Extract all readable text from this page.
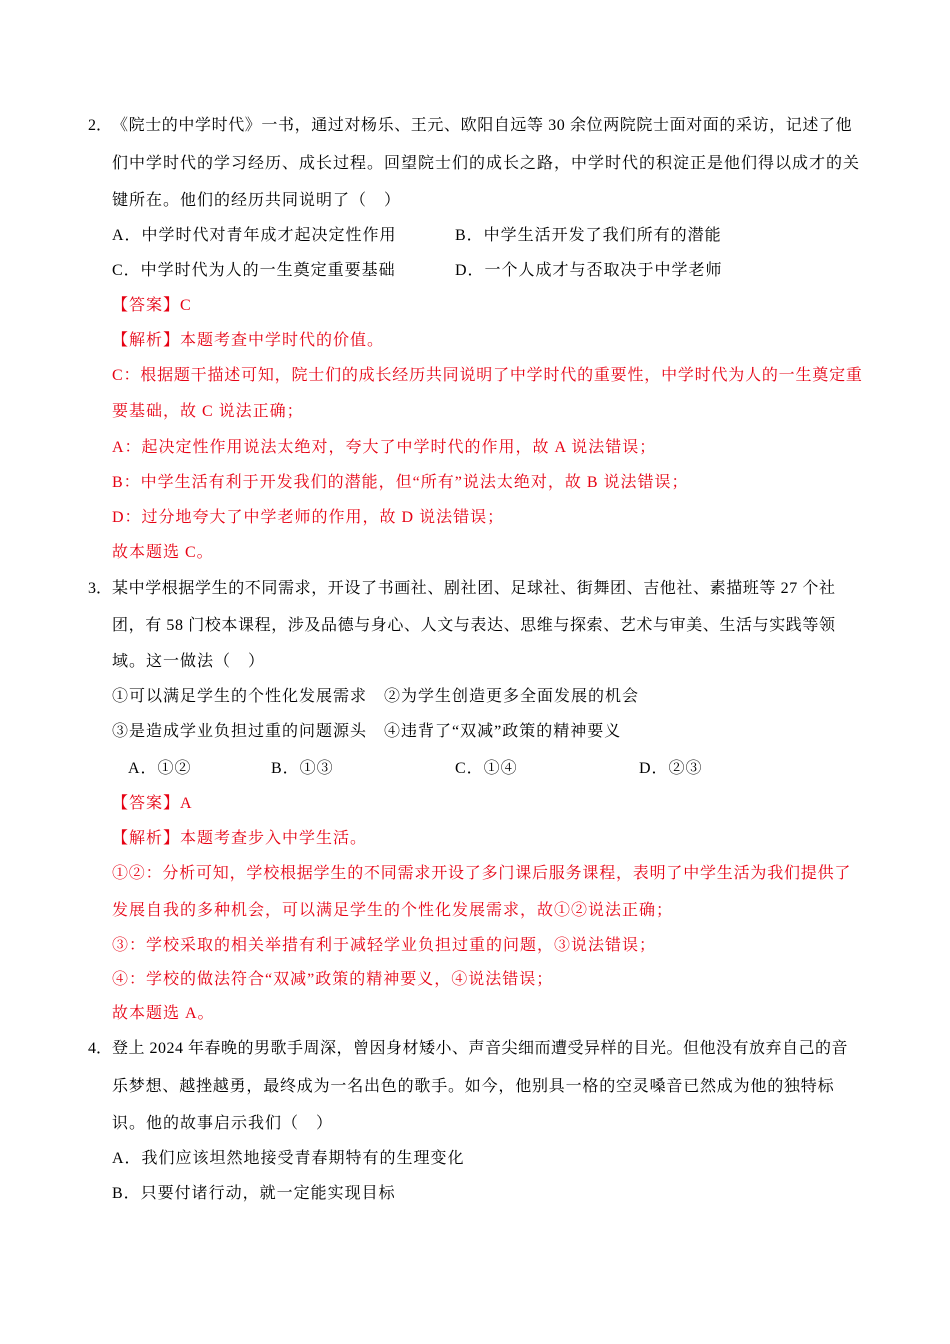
2． 《院士的中学时代》一书，通过对杨乐、王元、欧阳自远等 30 余位两院院士面对面的采访，记述了他
们中学时代的学习经历、成长过程。回望院士们的成长之路，中学时代的积淀正是他们得以成才的关
键所在。他们的经历共同说明了（　）
A．中学时代对青年成才起决定性作用	B．中学生活开发了我们所有的潜能
C．中学时代为人的一生奠定重要基础	D．一个人成才与否取决于中学老师
【答案】C
【解析】本题考查中学时代的价值。
C：根据题干描述可知，院士们的成长经历共同说明了中学时代的重要性，中学时代为人的一生奠定重
要基础，故 C 说法正确；
A：起决定性作用说法太绝对，夸大了中学时代的作用，故 A 说法错误；
B：中学生活有利于开发我们的潜能，但“所有”说法太绝对，故 B 说法错误；
D：过分地夸大了中学老师的作用，故 D 说法错误；
故本题选 C。
3． 某中学根据学生的不同需求，开设了书画社、剧社团、足球社、街舞团、吉他社、素描班等 27 个社
团，有 58 门校本课程，涉及品德与身心、人文与表达、思维与探索、艺术与审美、生活与实践等领
域。这一做法（　）
①可以满足学生的个性化发展需求　②为学生创造更多全面发展的机会
③是造成学业负担过重的问题源头　④违背了“双减”政策的精神要义
A．①②	B．①③	C．①④	D．②③
【答案】A
【解析】本题考查步入中学生活。
①②：分析可知，学校根据学生的不同需求开设了多门课后服务课程，表明了中学生活为我们提供了
发展自我的多种机会，可以满足学生的个性化发展需求，故①②说法正确；
③：学校采取的相关举措有利于减轻学业负担过重的问题，③说法错误；
④：学校的做法符合“双减”政策的精神要义，④说法错误；
故本题选 A。
4． 登上 2024 年春晚的男歌手周深，曾因身材矮小、声音尖细而遭受异样的目光。但他没有放弃自己的音
乐梦想、越挫越勇，最终成为一名出色的歌手。如今，他别具一格的空灵嗓音已然成为他的独特标
识。他的故事启示我们（　）
A．我们应该坦然地接受青春期特有的生理变化
B．只要付诸行动，就一定能实现目标
